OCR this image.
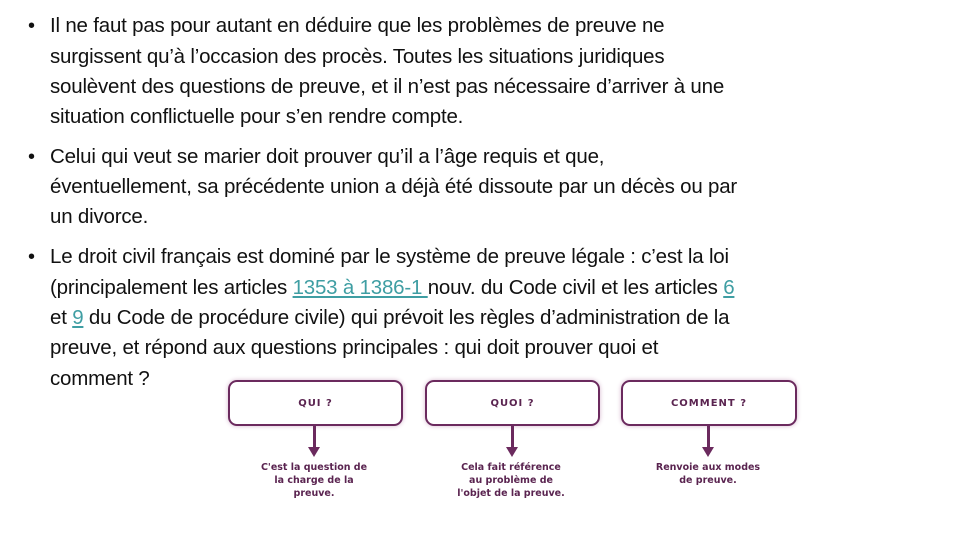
• Il ne faut pas pour autant en déduire que les problèmes de preuve ne
surgissent qu’à l’occasion des procès. Toutes les situations juridiques
soulèvent des questions de preuve, et il n’est pas nécessaire d’arriver à une
situation conflictuelle pour s’en rendre compte.
• Celui qui veut se marier doit prouver qu’il a l’âge requis et que,
éventuellement, sa précédente union a déjà été dissoute par un décès ou par
un divorce.
• Le droit civil français est dominé par le système de preuve légale : c’est la loi
(principalement les articles 1353 à 1386-1 nouv. du Code civil et les articles 6
et 9 du Code de procédure civile) qui prévoit les règles d’administration de la
preuve, et répond aux questions principales : qui doit prouver quoi et
comment ?
QUI ?	QUOI ?	COMMENT ?
C'est la question de
la charge de la
preuve.
Cela fait référence
au problème de
l'objet de la preuve.
Renvoie aux modes
de preuve.
